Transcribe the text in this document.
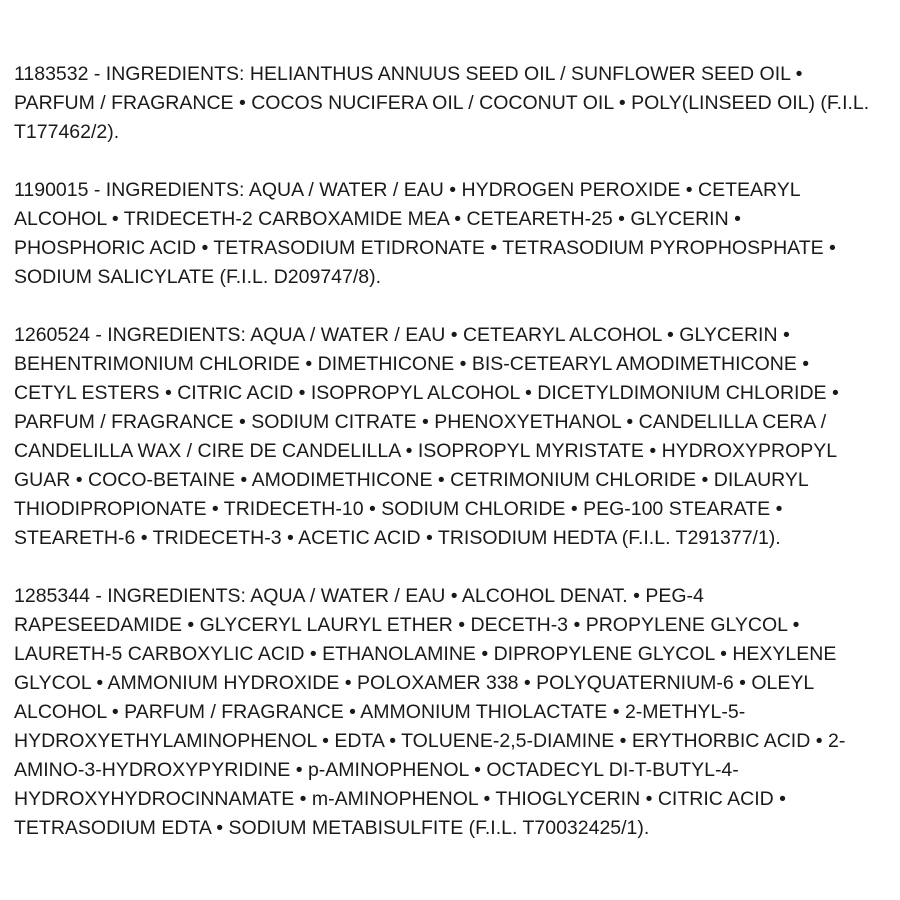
1183532 - INGREDIENTS: HELIANTHUS ANNUUS SEED OIL / SUNFLOWER SEED OIL •
PARFUM / FRAGRANCE • COCOS NUCIFERA OIL / COCONUT OIL • POLY(LINSEED OIL) (F.I.L.
T177462/2).

1190015 - INGREDIENTS: AQUA / WATER / EAU • HYDROGEN PEROXIDE • CETEARYL
ALCOHOL • TRIDECETH-2 CARBOXAMIDE MEA • CETEARETH-25 • GLYCERIN •
PHOSPHORIC ACID • TETRASODIUM ETIDRONATE • TETRASODIUM PYROPHOSPHATE •
SODIUM SALICYLATE (F.I.L. D209747/8).

1260524 - INGREDIENTS: AQUA / WATER / EAU • CETEARYL ALCOHOL • GLYCERIN •
BEHENTRIMONIUM CHLORIDE • DIMETHICONE • BIS-CETEARYL AMODIMETHICONE •
CETYL ESTERS • CITRIC ACID • ISOPROPYL ALCOHOL • DICETYLDIMONIUM CHLORIDE •
PARFUM / FRAGRANCE • SODIUM CITRATE • PHENOXYETHANOL • CANDELILLA CERA /
CANDELILLA WAX / CIRE DE CANDELILLA • ISOPROPYL MYRISTATE • HYDROXYPROPYL
GUAR • COCO-BETAINE • AMODIMETHICONE • CETRIMONIUM CHLORIDE • DILAURYL
THIODIPROPIONATE • TRIDECETH-10 • SODIUM CHLORIDE • PEG-100 STEARATE •
STEARETH-6 • TRIDECETH-3 • ACETIC ACID • TRISODIUM HEDTA (F.I.L. T291377/1).

1285344 - INGREDIENTS: AQUA / WATER / EAU • ALCOHOL DENAT. • PEG-4
RAPESEEDAMIDE • GLYCERYL LAURYL ETHER • DECETH-3 • PROPYLENE GLYCOL •
LAURETH-5 CARBOXYLIC ACID • ETHANOLAMINE • DIPROPYLENE GLYCOL • HEXYLENE
GLYCOL • AMMONIUM HYDROXIDE • POLOXAMER 338 • POLYQUATERNIUM-6 • OLEYL
ALCOHOL • PARFUM / FRAGRANCE • AMMONIUM THIOLACTATE • 2-METHYL-5-
HYDROXYETHYLAMINOPHENOL • EDTA • TOLUENE-2,5-DIAMINE • ERYTHORBIC ACID • 2-
AMINO-3-HYDROXYPYRIDINE • p-AMINOPHENOL • OCTADECYL DI-T-BUTYL-4-
HYDROXYHYDROCINNAMATE • m-AMINOPHENOL • THIOGLYCERIN • CITRIC ACID •
TETRASODIUM EDTA • SODIUM METABISULFITE (F.I.L. T70032425/1).
